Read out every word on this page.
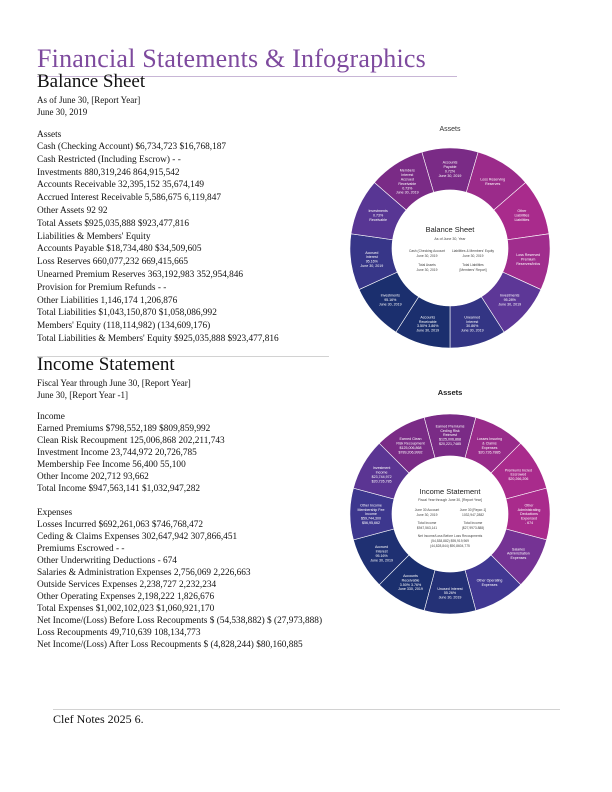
Financial Statements & Infographics
Balance Sheet
As of June 30, [Report Year]
June 30, 2019
Assets
Cash (Checking Account) $6,734,723 $16,768,187
Cash Restricted (Including Escrow) - -
Investments 880,319,246 864,915,542
Accounts Receivable 32,395,152 35,674,149
Accrued Interest Receivable 5,586,675 6,119,847
Other Assets 92 92
Total Assets $925,035,888 $923,477,816
Liabilities & Members' Equity
Accounts Payable $18,734,480 $34,509,605
Loss Reserves 660,077,232 669,415,665
Unearned Premium Reserves 363,192,983 352,954,846
Provision for Premium Refunds - -
Other Liabilities 1,146,174 1,206,876
Total Liabilities $1,043,150,870 $1,058,086,992
Members' Equity (118,114,982) (134,609,176)
Total Liabilities & Members' Equity $925,035,888 $923,477,816
Income Statement
Fiscal Year through June 30, [Report Year]
June 30, [Report Year -1]
Income
Earned Premiums $798,552,189 $809,859,992
Clean Risk Recoupment 125,006,868 202,211,743
Investment Income 23,744,972 20,726,785
Membership Fee Income 56,400 55,100
Other Income 202,712 93,662
Total Income $947,563,141 $1,032,947,282
Expenses
Losses Incurred $692,261,063 $746,768,472
Ceding & Claims Expenses 302,647,942 307,866,451
Premiums Escrowed - -
Other Underwriting Deductions - 674
Salaries & Administration Expenses 2,756,069 2,226,663
Outside Services Expenses 2,238,727 2,232,234
Other Operating Expenses 2,198,222 1,826,676
Total Expenses $1,002,102,023 $1,060,921,170
Net Income/(Loss) Before Loss Recoupments $ (54,538,882) $ (27,973,888)
Loss Recoupments 49,710,639 108,134,773
Net Income/(Loss) After Loss Recoupments $ (4,828,244) $80,160,885
Assets
Accounts Payable 0.72% June 30, 2019
Loss Reserving Reserves
Other Liabilities Liabilities
Loss Reserved Premium Reserves/Infos
Investments 95.28% June 30, 2019
Unearned Interest 30.86% June 30, 2019
Accounts Receivable 3.50% 3.86% June 30, 2019
Investments 95.16% June 30, 2019
Accrued Interest 95.16% June 30, 2019
Investments 0.73% Receivable
Members Interest Accrued Receivable 0.73% June 30, 2019
Balance Sheet
As of June 30, Year
Cash (Checking Account
June 30, 2019
Liabilities & Members' Equity
June 30, 2019
Total Assets
June 30, 2019
Total Liabilities
[Members' Report]
Assets
Earned Premiums Ceding Risk Reinvest $125,006,868 $20,221,7485
Losses Insuring & Claims Expenses $20,726,7885
Premiums Incred Escrowed $20,266,206
Other Administrating Deductions Expensed - 674
Salaries Administration Expenses
Other Operating Expenses
Unused Interest 55.26% June 30, 2019
Accounts Receivable 3.50% 3.76% June 330, 2019
Accrued Interest 95.16% June 30, 2019
Other Income Membership Fee Income $59,744,300 $56,95,662
Investment Income $23,744,972 $20,726,785
Earned Clean Risk Recoupment $125,006,868 $789,206,9992
Income Statement
Fiscal Year through June 30, [Report Year]
June 30 Account
June 30, 2019
June 30 [Repor-1]
1032,947,2882
Total Income
$947,563,141
Total Income
($27,9973.888)
Net Income/Loss Before Loss Recoupments
(54,538,882) $95,919,969
(44,828,844) $90,8604,775
Clef Notes 2025 6.
